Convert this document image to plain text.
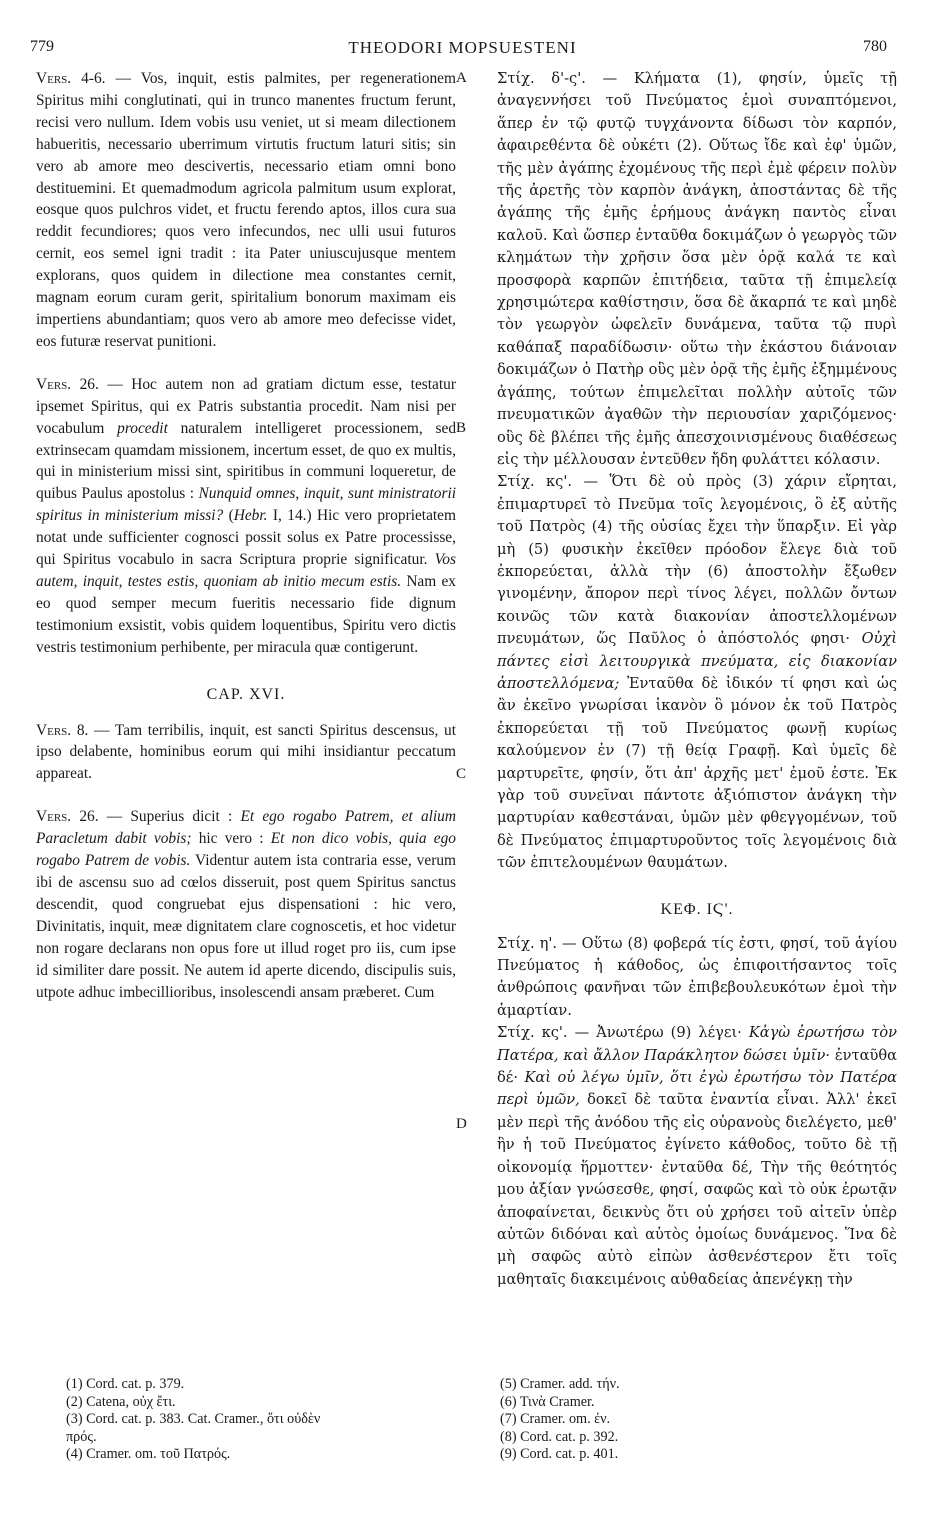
779	THEODORI MOPSUESTENI	780
A
B
C
D

Vers. 4-6. — Vos, inquit, estis palmites, per regenerationem Spiritus mihi conglutinati, qui in trunco manentes fructum ferunt, recisi vero nullum. Idem vobis usu veniet, ut si meam dilectionem habueritis, necessario uberrimum virtutis fructum laturi sitis; sin vero ab amore meo descivertis, necessario etiam omni bono destituemini. Et quemadmodum agricola palmitum usum explorat, eosque quos pulchros videt, et fructu ferendo aptos, illos cura sua reddit fecundiores; quos vero infecundos, nec ulli usui futuros cernit, eos semel igni tradit : ita Pater uniuscujusque mentem explorans, quos quidem in dilectione mea constantes cernit, magnam eorum curam gerit, spiritalium bonorum maximam eis impertiens abundantiam; quos vero ab amore meo defecisse videt, eos futuræ reservat punitioni.

Vers. 26. — Hoc autem non ad gratiam dictum esse, testatur ipsemet Spiritus, qui ex Patris substantia procedit. Nam nisi per vocabulum procedit naturalem intelligeret processionem, sed extrinsecam quamdam missionem, incertum esset, de quo ex multis, qui in ministerium missi sint, spiritibus in communi loqueretur, de quibus Paulus apostolus : Nunquid omnes, inquit, sunt ministratorii spiritus in ministerium missi? (Hebr. I, 14.) Hic vero proprietatem notat unde sufficienter cognosci possit solus ex Patre processisse, qui Spiritus vocabulo in sacra Scriptura proprie significatur. Vos autem, inquit, testes estis, quoniam ab initio mecum estis. Nam ex eo quod semper mecum fueritis necessario fide dignum testimonium exsistit, vobis quidem loquentibus, Spiritu vero dictis vestris testimonium perhibente, per miracula quæ contigerunt.

CAP. XVI.

Vers. 8. — Tam terribilis, inquit, est sancti Spiritus descensus, ut ipso delabente, hominibus eorum qui mihi insidiantur peccatum appareat.

Vers. 26. — Superius dicit : Et ego rogabo Patrem, et alium Paracletum dabit vobis; hic vero : Et non dico vobis, quia ego rogabo Patrem de vobis. Videntur autem ista contraria esse, verum ibi de ascensu suo ad cœlos disseruit, post quem Spiritus sanctus descendit, quod congruebat ejus dispensationi : hic vero, Divinitatis, inquit, meæ dignitatem clare cognoscetis, et hoc videtur non rogare declarans non opus fore ut illud roget pro iis, cum ipse id similiter dare possit. Ne autem id aperte dicendo, discipulis suis, utpote adhuc imbecillioribus, insolescendi ansam præberet. Cum

Στίχ. δ'-ς'. — Κλήματα (1), φησίν, ὑμεῖς τῇ ἀναγεννήσει τοῦ Πνεύματος ἐμοὶ συναπτόμενοι, ἅπερ ἐν τῷ φυτῷ τυγχάνοντα δίδωσι τὸν καρπόν, ἀφαιρεθέντα δὲ οὐκέτι (2). Οὕτως ἴδε καὶ ἐφ' ὑμῶν, τῆς μὲν ἀγάπης ἐχομένους τῆς περὶ ἐμὲ φέρειν πολὺν τῆς ἀρετῆς τὸν καρπὸν ἀνάγκη, ἀποστάντας δὲ τῆς ἀγάπης τῆς ἐμῆς ἐρήμους ἀνάγκη παντὸς εἶναι καλοῦ. Καὶ ὥσπερ ἐνταῦθα δοκιμάζων ὁ γεωργὸς τῶν κλημάτων τὴν χρῆσιν ὅσα μὲν ὁρᾷ καλά τε καὶ προσφορὰ καρπῶν ἐπιτήδεια, ταῦτα τῇ ἐπιμελείᾳ χρησιμώτερα καθίστησιν, ὅσα δὲ ἄκαρπά τε καὶ μηδὲ τὸν γεωργὸν ὠφελεῖν δυνάμενα, ταῦτα τῷ πυρὶ καθάπαξ παραδίδωσιν· οὕτω τὴν ἑκάστου διάνοιαν δοκιμάζων ὁ Πατὴρ οὓς μὲν ὁρᾷ τῆς ἐμῆς ἐξημμένους ἀγάπης, τούτων ἐπιμελεῖται πολλὴν αὐτοῖς τῶν πνευματικῶν ἀγαθῶν τὴν περιουσίαν χαριζόμενος· οὓς δὲ βλέπει τῆς ἐμῆς ἀπεσχοινισμένους διαθέσεως εἰς τὴν μέλλουσαν ἐντεῦθεν ἤδη φυλάττει κόλασιν.

Στίχ. κς'. — Ὅτι δὲ οὐ πρὸς (3) χάριν εἴρηται, ἐπιμαρτυρεῖ τὸ Πνεῦμα τοῖς λεγομένοις, ὃ ἐξ αὐτῆς τοῦ Πατρὸς (4) τῆς οὐσίας ἔχει τὴν ὕπαρξιν. Εἰ γὰρ μὴ (5) φυσικὴν ἐκεῖθεν πρόοδον ἔλεγε διὰ τοῦ ἐκπορεύεται, ἀλλὰ τὴν (6) ἀποστολὴν ἔξωθεν γινομένην, ἄπορον περὶ τίνος λέγει, πολλῶν ὄντων κοινῶς τῶν κατὰ διακονίαν ἀποστελλομένων πνευμάτων, ὥς Παῦλος ὁ ἀπόστολός φησι· Οὐχὶ πάντες εἰσὶ λειτουργικὰ πνεύματα, εἰς διακονίαν ἀποστελλόμενα; Ἐνταῦθα δὲ ἰδικόν τί φησι καὶ ὡς ἂν ἐκεῖνο γνωρίσαι ἱκανὸν ὃ μόνον ἐκ τοῦ Πατρὸς ἐκπορεύεται τῇ τοῦ Πνεύματος φωνῇ κυρίως καλούμενον ἐν (7) τῇ θείᾳ Γραφῇ. Καὶ ὑμεῖς δὲ μαρτυρεῖτε, φησίν, ὅτι ἀπ' ἀρχῆς μετ' ἐμοῦ ἐστε. Ἐκ γὰρ τοῦ συνεῖναι πάντοτε ἀξιόπιστον ἀνάγκη τὴν μαρτυρίαν καθεστάναι, ὑμῶν μὲν φθεγγομένων, τοῦ δὲ Πνεύματος ἐπιμαρτυροῦντος τοῖς λεγομένοις διὰ τῶν ἐπιτελουμένων θαυμάτων.

ΚΕΦ. ΙϚ'.

Στίχ. η'. — Οὕτω (8) φοβερά τίς ἐστι, φησί, τοῦ ἁγίου Πνεύματος ἡ κάθοδος, ὡς ἐπιφοιτήσαντος τοῖς ἀνθρώποις φανῆναι τῶν ἐπιβεβουλευκότων ἐμοὶ τὴν ἁμαρτίαν.

Στίχ. κς'. — Ἀνωτέρω (9) λέγει· Κἀγὼ ἐρωτήσω τὸν Πατέρα, καὶ ἄλλον Παράκλητον δώσει ὑμῖν· ἐνταῦθα δέ· Καὶ οὐ λέγω ὑμῖν, ὅτι ἐγὼ ἐρωτήσω τὸν Πατέρα περὶ ὑμῶν, δοκεῖ δὲ ταῦτα ἐναντία εἶναι. Ἀλλ' ἐκεῖ μὲν περὶ τῆς ἀνόδου τῆς εἰς οὐρανοὺς διελέγετο, μεθ' ἣν ἡ τοῦ Πνεύματος ἐγίνετο κάθοδος, τοῦτο δὲ τῇ οἰκονομίᾳ ἥρμοττεν· ἐνταῦθα δέ, Τὴν τῆς θεότητός μου ἀξίαν γνώσεσθε, φησί, σαφῶς καὶ τὸ οὐκ ἐρωτᾷν ἀποφαίνεται, δεικνὺς ὅτι οὐ χρήσει τοῦ αἰτεῖν ὑπὲρ αὐτῶν διδόναι καὶ αὐτὸς ὁμοίως δυνάμενος. Ἵνα δὲ μὴ σαφῶς αὐτὸ εἰπὼν ἀσθενέστερον ἔτι τοῖς μαθηταῖς διακειμένοις αὐθαδείας ἀπενέγκῃ τὴν

(1) Cord. cat. p. 379.

(2) Catena, οὐχ ἔτι.

(3) Cord. cat. p. 383. Cat. Cramer., ὅτι οὐδὲν

πρός.

(4) Cramer. om. τοῦ Πατρός.

(5) Cramer. add. τήν.

(6) Τινὰ Cramer.

(7) Cramer. om. ἐν.

(8) Cord. cat. p. 392.

(9) Cord. cat. p. 401.
